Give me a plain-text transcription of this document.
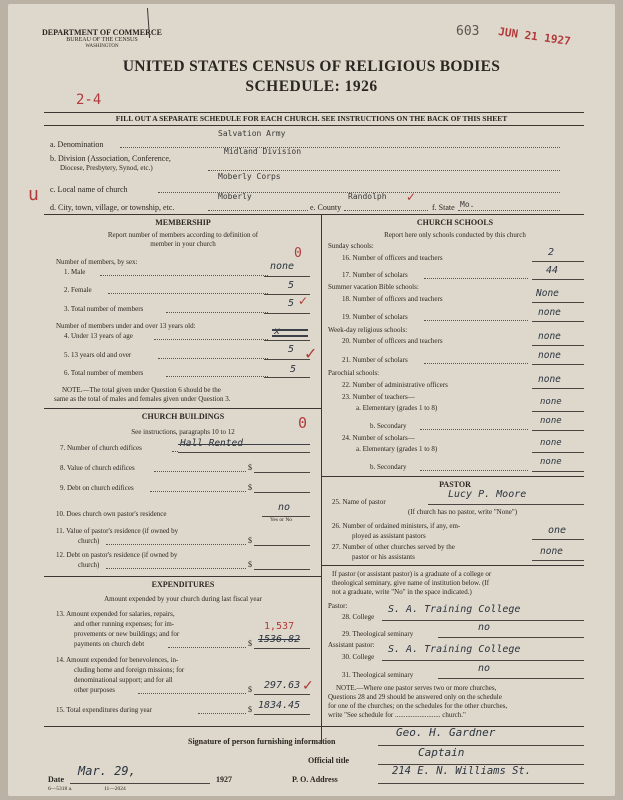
DEPARTMENT OF COMMERCE
BUREAU OF THE CENSUS
WASHINGTON
603 JUN 21 1927
UNITED STATES CENSUS OF RELIGIOUS BODIES
SCHEDULE: 1926
2-4
FILL OUT A SEPARATE SCHEDULE FOR EACH CHURCH. SEE INSTRUCTIONS ON THE BACK OF THIS SHEET
a. Denomination
Salvation Army
b. Division (Association, Conference,
Diocese, Presbytery, Synod, etc.)
Midland Division
c. Local name of church
Moberly Corps
u
d. City, town, village, or township, etc.
Moberly
e. County
Randolph ✓
f. State Mo.
MEMBERSHIP
Report number of members according to definition of
member in your church
Number of members, by sex:
1. Male	none
0
2. Female	5
3. Total number of members	5 ✓
Number of members under and over 13 years old:
4. Under 13 years of age	x
5. 13 years old and over	5 ✓
6. Total number of members	5
NOTE.—The total given under Question 6 should be the
same as the total of males and females given under Question 3.
CHURCH BUILDINGS	0
See instructions, paragraphs 10 to 12
7. Number of church edifices	Hall Rented
8. Value of church edifices	$
9. Debt on church edifices	$
10. Does church own pastor's residence
no
Yes or No
11. Value of pastor's residence (if owned by
church)	$
12. Debt on pastor's residence (if owned by
church)	$
EXPENDITURES
Amount expended by your church during last fiscal year
13. Amount expended for salaries, repairs,
and other running expenses; for im-
provements or new buildings; and for
payments on church debt	$
1,537
1536.82
14. Amount expended for benevolences, in-
cluding home and foreign missions; for
denominational support; and for all
other purposes	$ 297.63 ✓
15. Total expenditures during year	$ 1834.45
CHURCH SCHOOLS
Report here only schools conducted by this church
Sunday schools:
16. Number of officers and teachers	2
17. Number of scholars	44
Summer vacation Bible schools:
18. Number of officers and teachers	None
19. Number of scholars	none
Week-day religious schools:
20. Number of officers and teachers	none
21. Number of scholars	none
Parochial schools:
22. Number of administrative officers	none
23. Number of teachers—
a. Elementary (grades 1 to 8)
none
b. Secondary	none
24. Number of scholars—
a. Elementary (grades 1 to 8)
none
b. Secondary	none
PASTOR
25. Name of pastor
Lucy P. Moore
(If church has no pastor, write "None")
26. Number of ordained ministers, if any, em-
ployed as assistant pastors	one
27. Number of other churches served by the
pastor or his assistants	none
If pastor (or assistant pastor) is a graduate of a college or
theological seminary, give name of institution below. (If
not a graduate, write "No" in the space indicated.)
Pastor:
28. College
S. A. Training College
29. Theological seminary
no
Assistant pastor:
30. College
S. A. Training College
31. Theological seminary
no
NOTE.—Where one pastor serves two or more churches,
Questions 28 and 29 should be answered only on the schedule
for one of the churches; on the schedules for the other churches,
write "See schedule for .......................... church."
Signature of person furnishing information
Geo. H. Gardner
Official title
Captain
Date
Mar. 29,
1927	P. O. Address
214 E. N. Williams St.
6—5318 a.	11—2024
